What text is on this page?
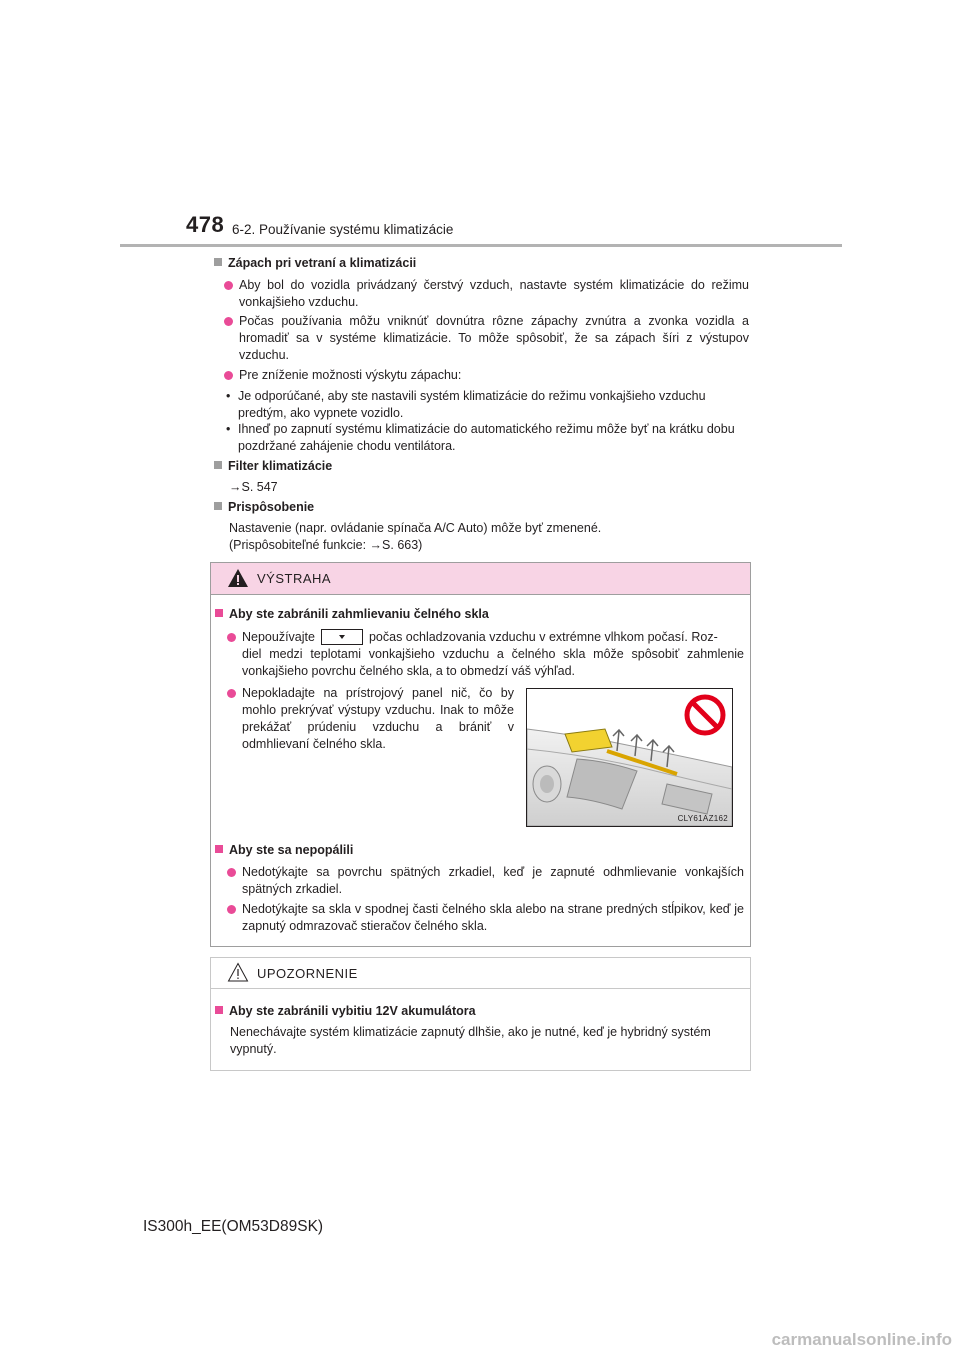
478 6-2. Používanie systému klimatizácie
Zápach pri vetraní a klimatizácii
Aby bol do vozidla privádzaný čerstvý vzduch, nastavte systém klimatizácie do režimu vonkajšieho vzduchu.
Počas používania môžu vniknúť dovnútra rôzne zápachy zvnútra a zvonka vozidla a hromadiť sa v systéme klimatizácie. To môže spôsobiť, že sa zápach šíri z výstupov vzduchu.
Pre zníženie možnosti výskytu zápachu:
• Je odporúčané, aby ste nastavili systém klimatizácie do režimu vonkajšieho vzduchu predtým, ako vypnete vozidlo.
• Ihneď po zapnutí systému klimatizácie do automatického režimu môže byť na krátku dobu pozdržané zahájenie chodu ventilátora.
Filter klimatizácie
→S. 547
Prispôsobenie
Nastavenie (napr. ovládanie spínača A/C Auto) môže byť zmenené.
(Prispôsobiteľné funkcie: →S. 663)
VÝSTRAHA
Aby ste zabránili zahmlievaniu čelného skla
Nepoužívajte	počas ochladzovania vzduchu v extrémne vlhkom počasí. Roz-
diel medzi teplotami vonkajšieho vzduchu a čelného skla môže spôsobiť zahmlenie vonkajšieho povrchu čelného skla, a to obmedzí váš výhľad.
Nepokladajte na prístrojový panel nič, čo by mohlo prekrývať výstupy vzduchu. Inak to môže prekážať prúdeniu vzduchu a brániť v odmhlievaní čelného skla.
CLY61AZ162
Aby ste sa nepopálili
Nedotýkajte sa povrchu spätných zrkadiel, keď je zapnuté odhmlievanie vonkajších spätných zrkadiel.
Nedotýkajte sa skla v spodnej časti čelného skla alebo na strane predných stĺpikov, keď je zapnutý odmrazovač stieračov čelného skla.
UPOZORNENIE
Aby ste zabránili vybitiu 12V akumulátora
Nenechávajte systém klimatizácie zapnutý dlhšie, ako je nutné, keď je hybridný systém vypnutý.
IS300h_EE(OM53D89SK)
carmanualsonline.info
